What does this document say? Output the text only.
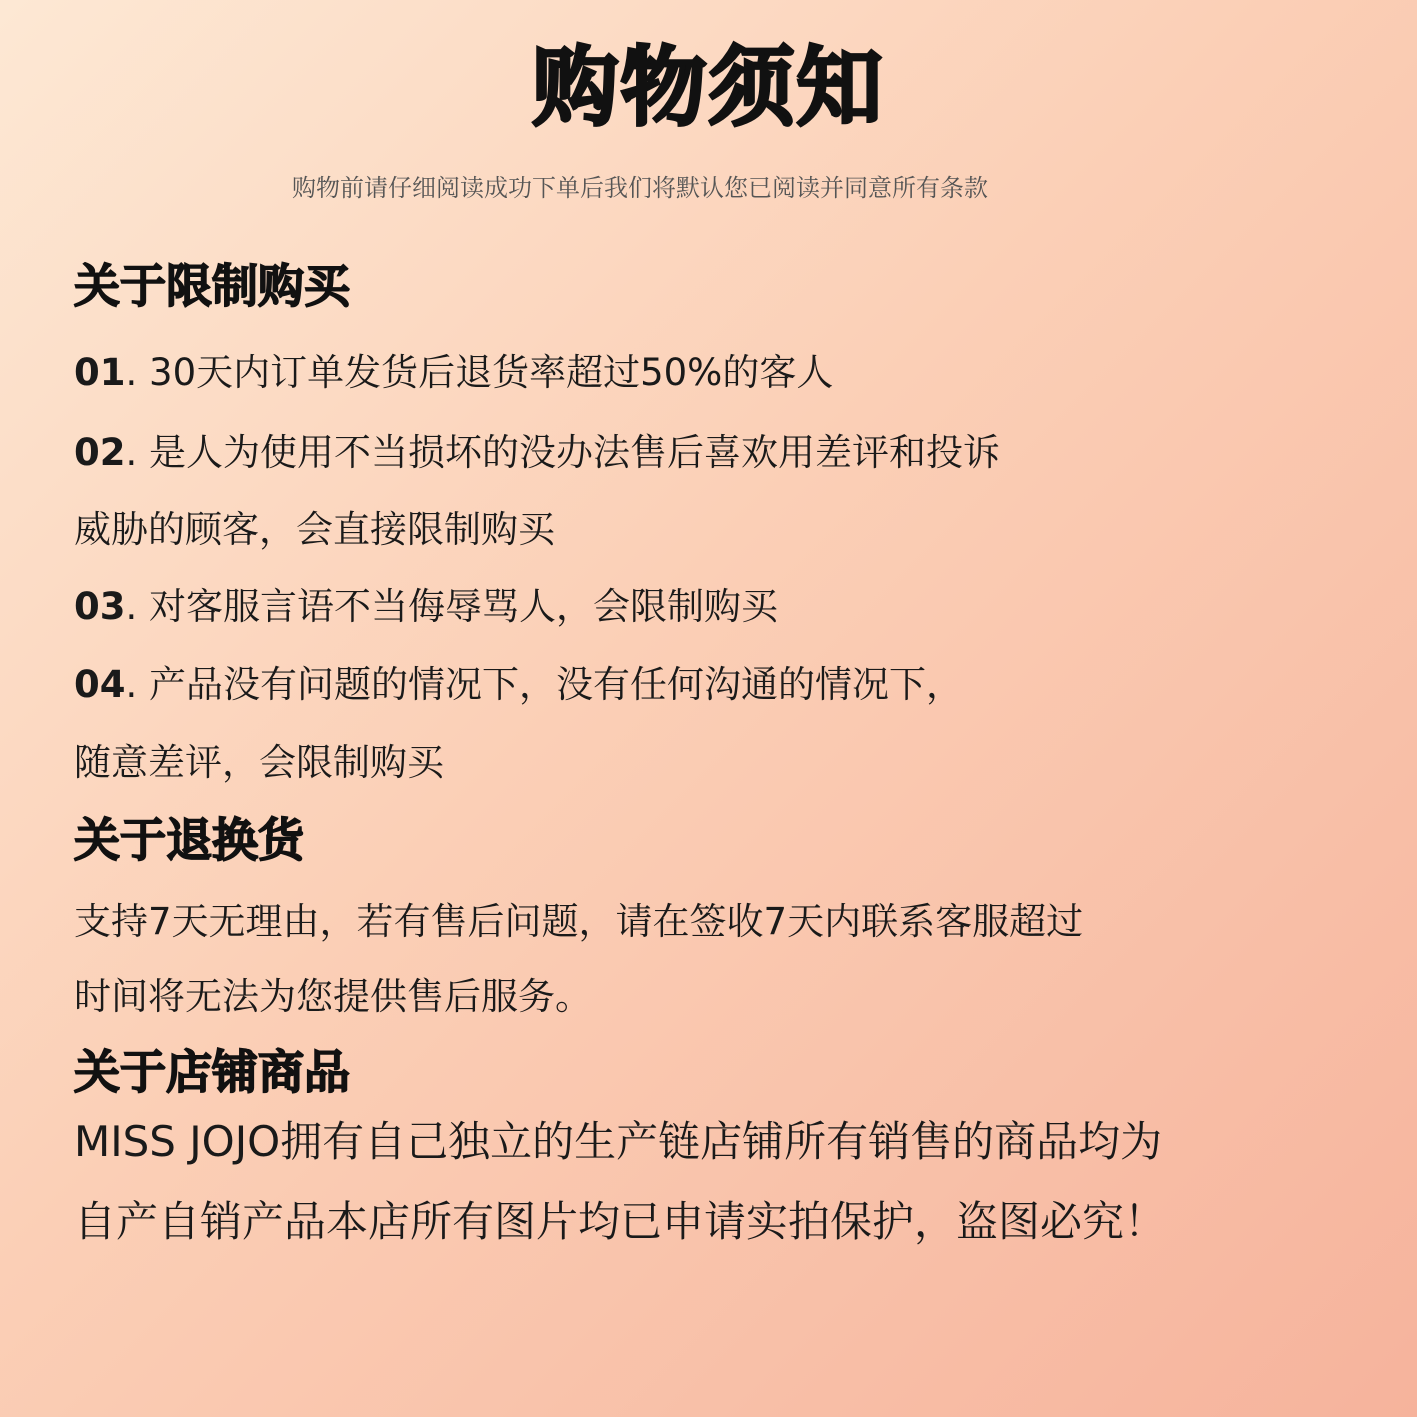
购物须知
购物前请仔细阅读成功下单后我们将默认您已阅读并同意所有条款
关于限制购买
01. 30天内订单发货后退货率超过50%的客人
02. 是人为使用不当损坏的没办法售后喜欢用差评和投诉
威胁的顾客，会直接限制购买
03. 对客服言语不当侮辱骂人，会限制购买
04. 产品没有问题的情况下，没有任何沟通的情况下，
随意差评，会限制购买
关于退换货
支持7天无理由，若有售后问题，请在签收7天内联系客服超过
时间将无法为您提供售后服务。
关于店铺商品
MISS JOJO拥有自己独立的生产链店铺所有销售的商品均为
自产自销产品本店所有图片均已申请实拍保护，盗图必究！
